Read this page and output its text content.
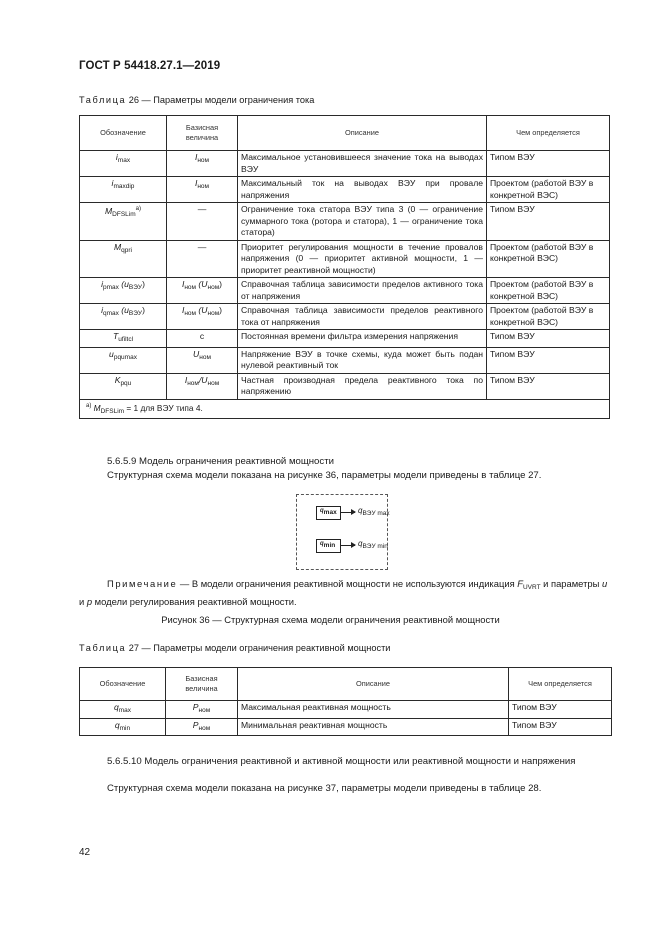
ГОСТ Р 54418.27.1—2019
Таблица 26 — Параметры модели ограничения тока
Обозначение	Базисная величина	Описание	Чем определяется
$i_{max}$	$I_{ном}$	Максимальное установившееся значение тока на выводах ВЭУ	Типом ВЭУ
$i_{maxdip}$	$I_{ном}$	Максимальный ток на выводах ВЭУ при провале напряжения	Проектом (работой ВЭУ в конкретной ВЭС)
$M_{DFSLim}^{а)}$	—	Ограничение тока статора ВЭУ типа 3 (0 — ограничение суммарного тока (ротора и статора), 1 — ограничение тока статора)	Типом ВЭУ
$M_{qpri}$	—	Приоритет регулирования мощности в течение провалов напряжения (0 — приоритет активной мощности, 1 — приоритет реактивной мощности)	Проектом (работой ВЭУ в конкретной ВЭС)
$i_{pmax}$ $(u_{ВЭУ})$	$I_{ном}$ $(U_{ном})$	Справочная таблица зависимости пределов активного тока от напряжения	Проектом (работой ВЭУ в конкретной ВЭС)
$i_{qmax}$ $(u_{ВЭУ})$	$I_{ном}$ $(U_{ном})$	Справочная таблица зависимости пределов реактивного тока от напряжения	Проектом (работой ВЭУ в конкретной ВЭС)
$T_{ufiltcl}$	с	Постоянная времени фильтра измерения напряжения	Типом ВЭУ
$u_{pqumax}$	$U_{ном}$	Напряжение ВЭУ в точке схемы, куда может быть подан нулевой реактивный ток	Типом ВЭУ
$K_{pqu}$	$I_{ном}/U_{ном}$	Частная производная предела реактивного тока по напряжению	Типом ВЭУ
$^{а)}$ $M_{DFSLim} = 1$ для ВЭУ типа 4.			
5.6.5.9 Модель ограничения реактивной мощности
Структурная схема модели показана на рисунке 36, параметры модели приведены в таблице 27.
$q_{max}$	$q_{ВЭУ max}$
$q_{min}$	$q_{ВЭУ min}$
Примечание — В модели ограничения реактивной мощности не используются индикация $F_{UVRT}$ и параметры u и p модели регулирования реактивной мощности.
Рисунок 36 — Структурная схема модели ограничения реактивной мощности
Таблица 27 — Параметры модели ограничения реактивной мощности
Обозначение	Базисная величина	Описание	Чем определяется
$q_{max}$	$P_{ном}$	Максимальная реактивная мощность	Типом ВЭУ
$q_{min}$	$P_{ном}$	Минимальная реактивная мощность	Типом ВЭУ
5.6.5.10 Модель ограничения реактивной и активной мощности или реактивной мощности и напряжения
Структурная схема модели показана на рисунке 37, параметры модели приведены в таблице 28.
42
